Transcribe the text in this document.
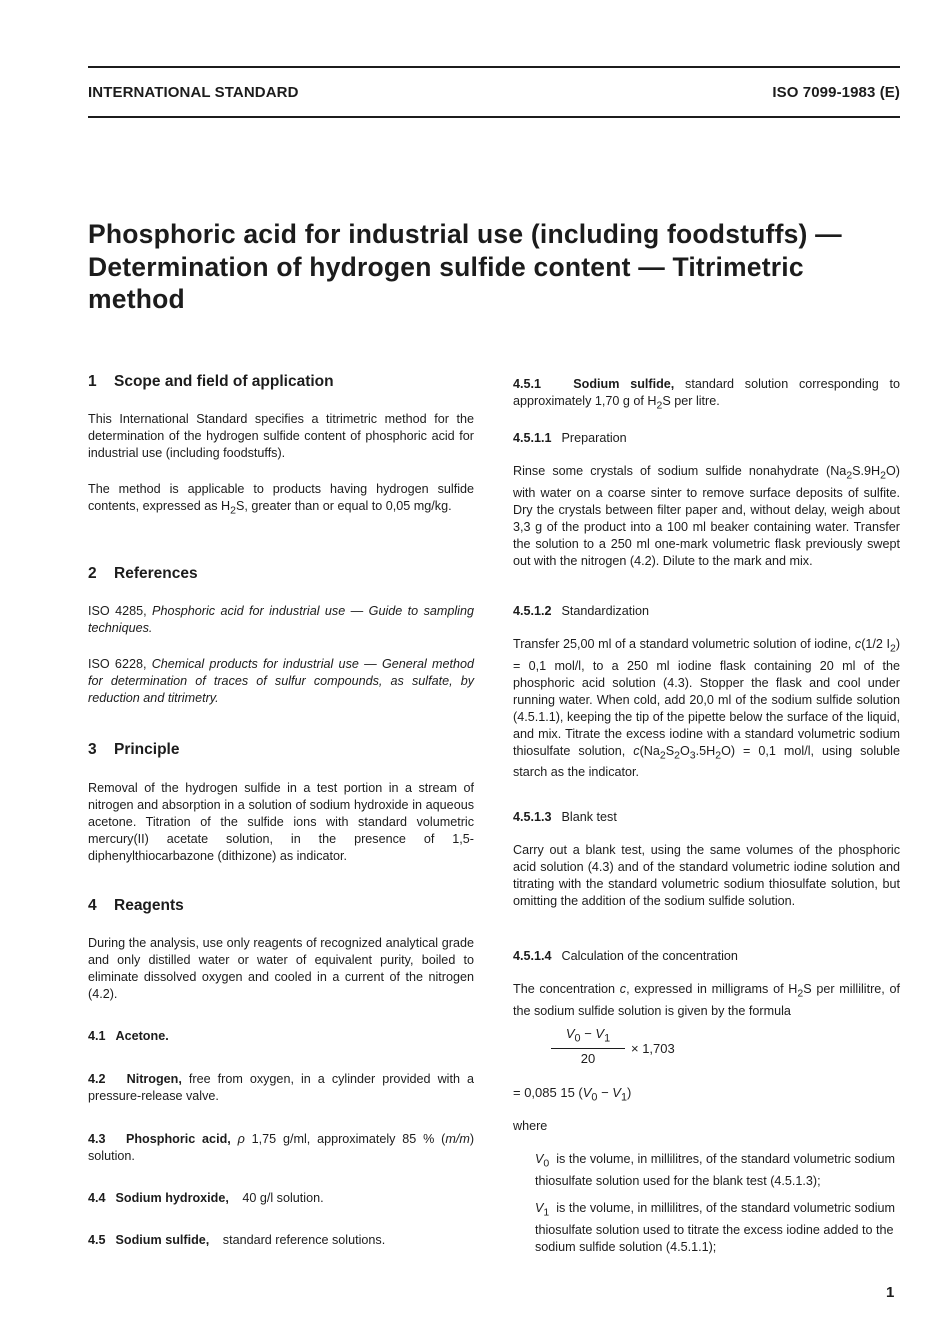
INTERNATIONAL STANDARD	ISO 7099-1983 (E)
Phosphoric acid for industrial use (including foodstuffs) —
Determination of hydrogen sulfide content — Titrimetric
method
1 Scope and field of application
This International Standard specifies a titrimetric method for the determination of the hydrogen sulfide content of phosphoric acid for industrial use (including foodstuffs).
The method is applicable to products having hydrogen sulfide contents, expressed as $H_2S$, greater than or equal to 0,05 mg/kg.
2 References
ISO 4285, Phosphoric acid for industrial use — Guide to sampling techniques.
ISO 6228, Chemical products for industrial use — General method for determination of traces of sulfur compounds, as sulfate, by reduction and titrimetry.
3 Principle
Removal of the hydrogen sulfide in a test portion in a stream of nitrogen and absorption in a solution of sodium hydroxide in aqueous acetone. Titration of the sulfide ions with standard volumetric mercury(II) acetate solution, in the presence of 1,5-diphenylthiocarbazone (dithizone) as indicator.
4 Reagents
During the analysis, use only reagents of recognized analytical grade and only distilled water or water of equivalent purity, boiled to eliminate dissolved oxygen and cooled in a current of the nitrogen (4.2).
4.1 Acetone.
4.2 Nitrogen, free from oxygen, in a cylinder provided with a pressure-release valve.
4.3 Phosphoric acid, ρ 1,75 g/ml, approximately 85 % (m/m) solution.
4.4 Sodium hydroxide, 40 g/l solution.
4.5 Sodium sulfide, standard reference solutions.
4.5.1	Sodium sulfide, standard solution corresponding to approximately 1,70 g of $H_2S$ per litre.
4.5.1.1 Preparation
Rinse some crystals of sodium sulfide nonahydrate $(Na_2S.9H_2O)$ with water on a coarse sinter to remove surface deposits of sulfite. Dry the crystals between filter paper and, without delay, weigh about 3,3 g of the product into a 100 ml beaker containing water. Transfer the solution to a 250 ml one-mark volumetric flask previously swept out with the nitrogen (4.2). Dilute to the mark and mix.
4.5.1.2 Standardization
Transfer 25,00 ml of a standard volumetric solution of iodine, c(1/2 $I_2) = 0,1$ mol/l, to a 250 ml iodine flask containing 20 ml of the phosphoric acid solution (4.3). Stopper the flask and cool under running water. When cold, add 20,0 ml of the sodium sulfide solution (4.5.1.1), keeping the tip of the pipette below the surface of the liquid, and mix. Titrate the excess iodine with a standard volumetric sodium thiosulfate solution, $c(Na_2S_2O_3.5H_2O) = 0,1$ mol/l, using soluble starch as the indicator.
4.5.1.3 Blank test
Carry out a blank test, using the same volumes of the phosphoric acid solution (4.3) and of the standard volumetric iodine solution and titrating with the standard volumetric sodium thiosulfate solution, but omitting the addition of the sodium sulfide solution.
4.5.1.4 Calculation of the concentration
The concentration c, expressed in milligrams of $H_2S$ per millilitre, of the sodium sulfide solution is given by the formula
$V_0 - V_1$
20
× 1,703
= 0,085 15 $(V_0 - V_1)$
where
$V_0$ is the volume, in millilitres, of the standard volumetric sodium thiosulfate solution used for the blank test (4.5.1.3);
$V_1$ is the volume, in millilitres, of the standard volumetric sodium thiosulfate solution used to titrate the excess iodine added to the sodium sulfide solution (4.5.1.1);
1
